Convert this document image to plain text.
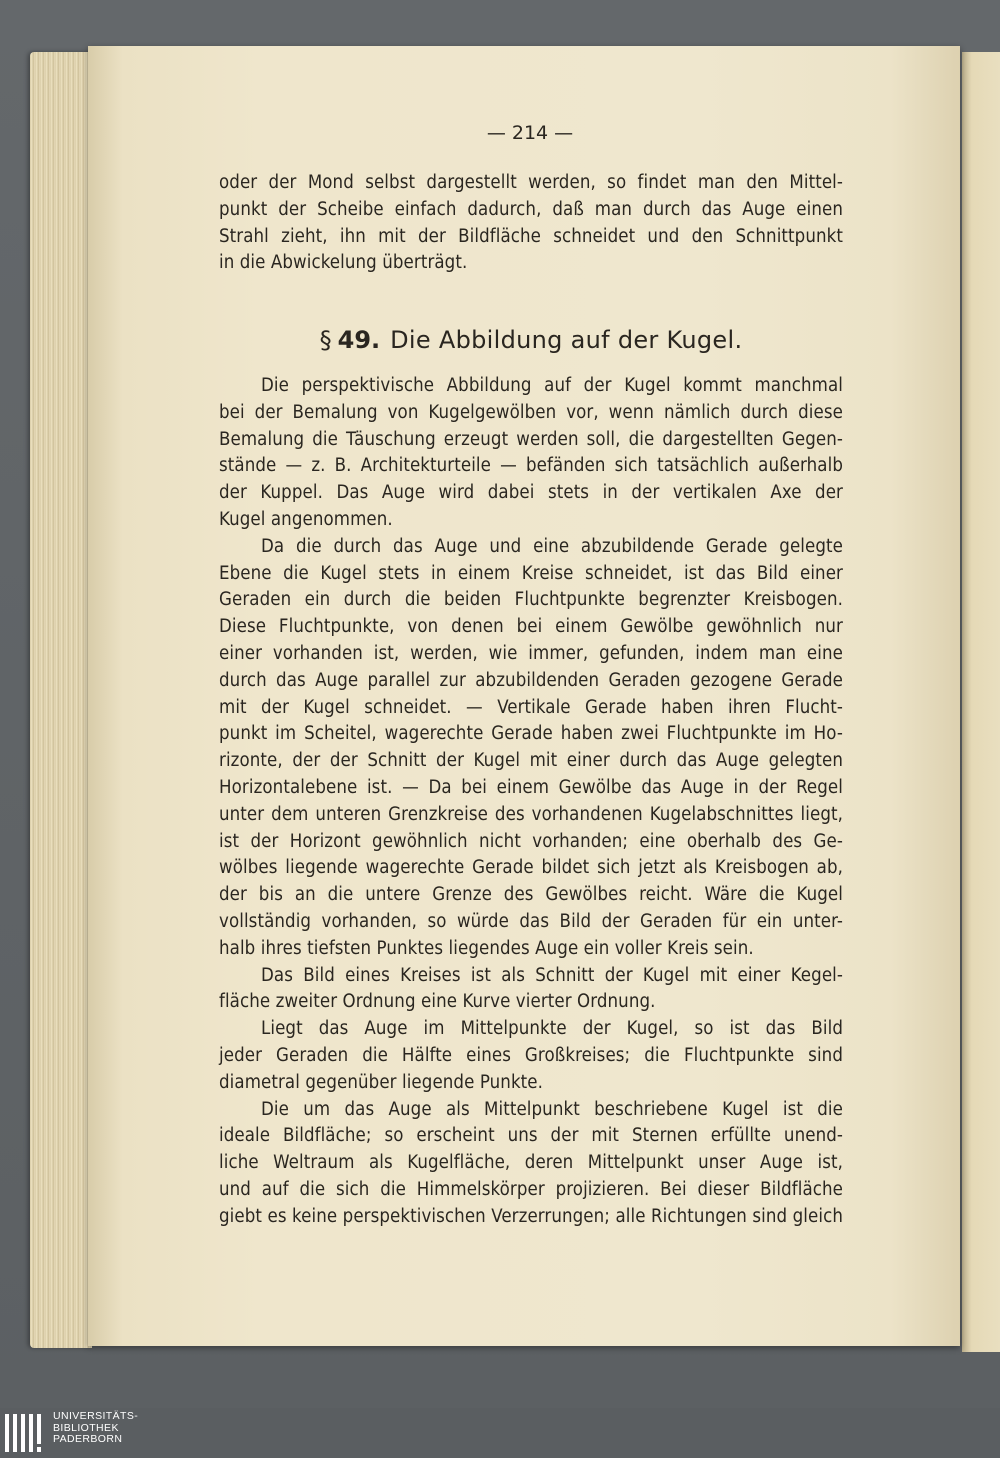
— 214 —
oder der Mond selbst dargestellt werden, so findet man den Mittel-
punkt der Scheibe einfach dadurch, daß man durch das Auge einen
Strahl zieht, ihn mit der Bildfläche schneidet und den Schnittpunkt
in die Abwickelung überträgt.
§ 49. Die Abbildung auf der Kugel.
Die perspektivische Abbildung auf der Kugel kommt manchmal
bei der Bemalung von Kugelgewölben vor, wenn nämlich durch diese
Bemalung die Täuschung erzeugt werden soll, die dargestellten Gegen-
stände — z. B. Architekturteile — befänden sich tatsächlich außerhalb
der Kuppel. Das Auge wird dabei stets in der vertikalen Axe der
Kugel angenommen.
Da die durch das Auge und eine abzubildende Gerade gelegte
Ebene die Kugel stets in einem Kreise schneidet, ist das Bild einer
Geraden ein durch die beiden Fluchtpunkte begrenzter Kreisbogen.
Diese Fluchtpunkte, von denen bei einem Gewölbe gewöhnlich nur
einer vorhanden ist, werden, wie immer, gefunden, indem man eine
durch das Auge parallel zur abzubildenden Geraden gezogene Gerade
mit der Kugel schneidet. — Vertikale Gerade haben ihren Flucht-
punkt im Scheitel, wagerechte Gerade haben zwei Fluchtpunkte im Ho-
rizonte, der der Schnitt der Kugel mit einer durch das Auge gelegten
Horizontalebene ist. — Da bei einem Gewölbe das Auge in der Regel
unter dem unteren Grenzkreise des vorhandenen Kugelabschnittes liegt,
ist der Horizont gewöhnlich nicht vorhanden; eine oberhalb des Ge-
wölbes liegende wagerechte Gerade bildet sich jetzt als Kreisbogen ab,
der bis an die untere Grenze des Gewölbes reicht. Wäre die Kugel
vollständig vorhanden, so würde das Bild der Geraden für ein unter-
halb ihres tiefsten Punktes liegendes Auge ein voller Kreis sein.
Das Bild eines Kreises ist als Schnitt der Kugel mit einer Kegel-
fläche zweiter Ordnung eine Kurve vierter Ordnung.
Liegt das Auge im Mittelpunkte der Kugel, so ist das Bild
jeder Geraden die Hälfte eines Großkreises; die Fluchtpunkte sind
diametral gegenüber liegende Punkte.
Die um das Auge als Mittelpunkt beschriebene Kugel ist die
ideale Bildfläche; so erscheint uns der mit Sternen erfüllte unend-
liche Weltraum als Kugelfläche, deren Mittelpunkt unser Auge ist,
und auf die sich die Himmelskörper projizieren. Bei dieser Bildfläche
giebt es keine perspektivischen Verzerrungen; alle Richtungen sind gleich
UNIVERSITÄTS-
BIBLIOTHEK
PADERBORN
